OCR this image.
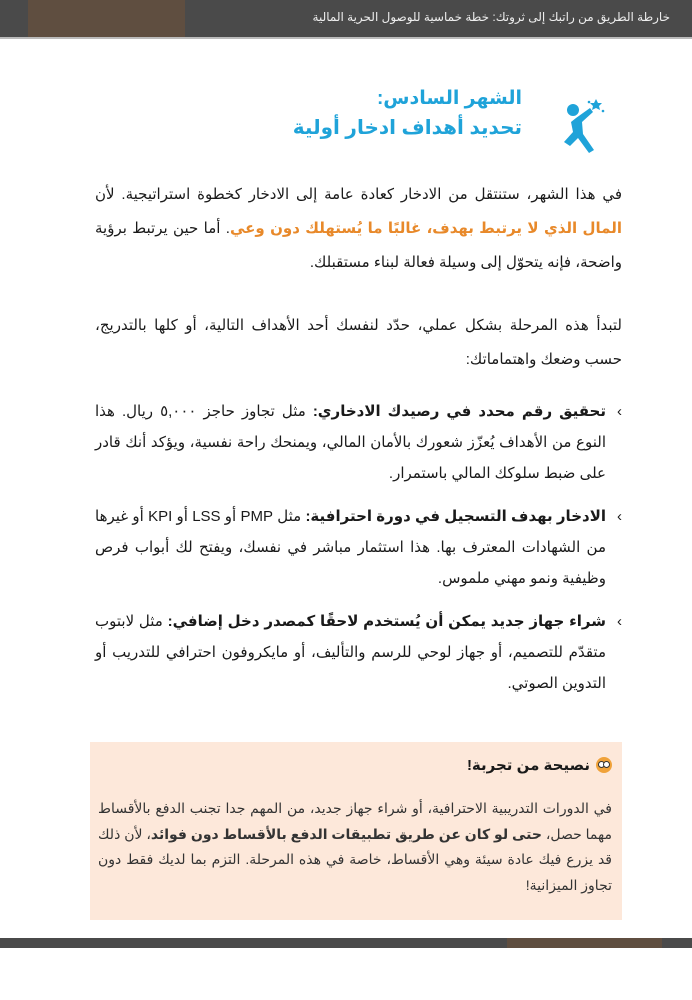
خارطة الطريق من راتبك إلى ثروتك: خطة خماسية للوصول الحرية المالية
الشهر السادس:
تحديد أهداف ادخار أولية
في هذا الشهر، ستنتقل من الادخار كعادة عامة إلى الادخار كخطوة استراتيجية. لأن المال الذي لا يرتبط بهدف، غالبًا ما يُستهلك دون وعي. أما حين يرتبط برؤية واضحة، فإنه يتحوّل إلى وسيلة فعالة لبناء مستقبلك.
لتبدأ هذه المرحلة بشكل عملي، حدّد لنفسك أحد الأهداف التالية، أو كلها بالتدريج، حسب وضعك واهتماماتك:
›
تحقيق رقم محدد في رصيدك الادخاري: مثل تجاوز حاجز ٥,٠٠٠ ريال. هذا النوع من الأهداف يُعزّز شعورك بالأمان المالي، ويمنحك راحة نفسية، ويؤكد أنك قادر على ضبط سلوكك المالي باستمرار.
›
الادخار بهدف التسجيل في دورة احترافية: مثل PMP أو LSS أو KPI أو غيرها من الشهادات المعترف بها. هذا استثمار مباشر في نفسك، ويفتح لك أبواب فرص وظيفية ونمو مهني ملموس.
›
شراء جهاز جديد يمكن أن يُستخدم لاحقًا كمصدر دخل إضافي: مثل لابتوب متقدّم للتصميم، أو جهاز لوحي للرسم والتأليف، أو مايكروفون احترافي للتدريب أو التدوين الصوتي.
نصيحة من تجربة!
في الدورات التدريبية الاحترافية، أو شراء جهاز جديد، من المهم جدا تجنب الدفع بالأقساط مهما حصل، حتى لو كان عن طريق تطبيقات الدفع بالأقساط دون فوائد، لأن ذلك قد يزرع فيك عادة سيئة وهي الأقساط، خاصة في هذه المرحلة. التزم بما لديك فقط دون تجاوز الميزانية!
